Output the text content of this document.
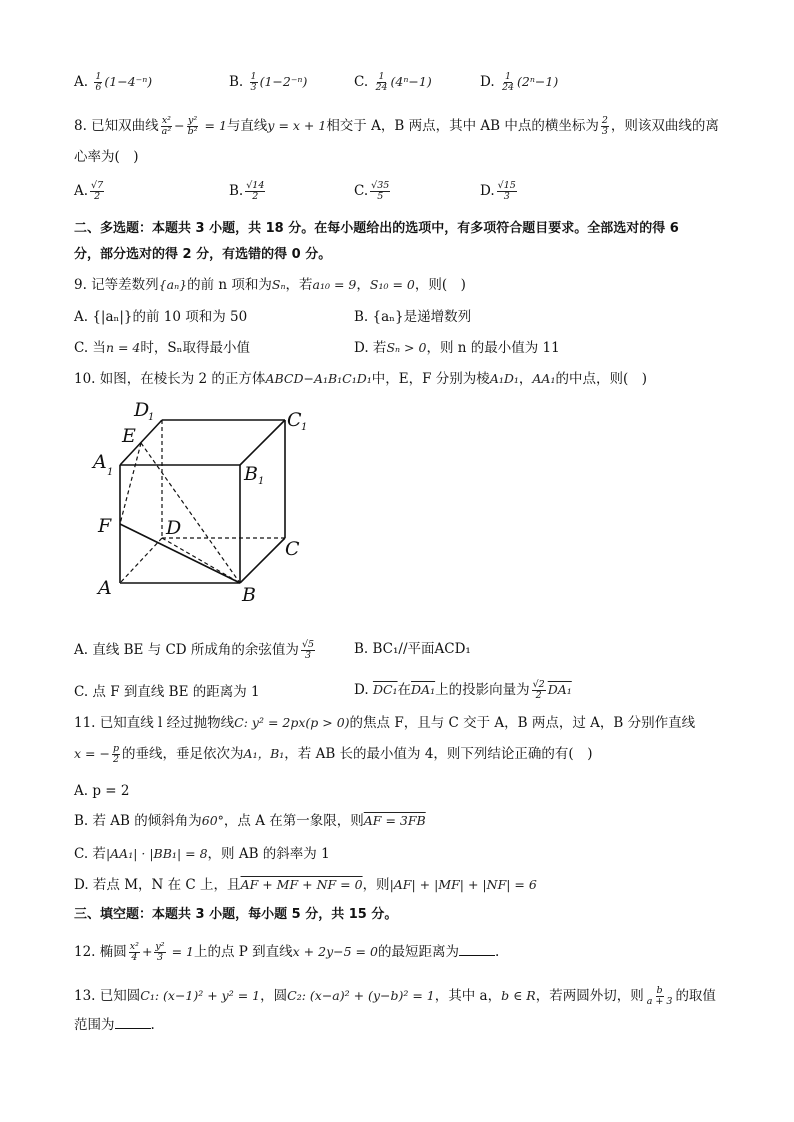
A. $\frac{1}{6} (1-4^{-n})$	B. $\frac{1}{3} (1-2^{-n})$	C. $\frac{1}{24} (4^n-1)$	D. $\frac{1}{24} (2^n-1)$
8. 已知双曲线 $\frac{\text{x²}}{\text{a²}} - \frac{\text{y²}}{\text{b²}} = 1$与直线y = x + 1相交于 A，B 两点，其中 AB 中点的横坐标为 $\frac{2}{3}$ ，则该双曲线的离
心率为(　)
A. $\frac{√7}{2}$	B. $\frac{√14}{2}$	C. $\frac{√35}{5}$	D. $\frac{√15}{3}$
二、多选题：本题共 3 小题，共 18 分。在每小题给出的选项中，有多项符合题目要求。全部选对的得 6
分，部分选对的得 2 分，有选错的得 0 分。
9. 记等差数列{aₙ}的前 n 项和为Sₙ，若a₁₀ = 9，S₁₀ = 0，则(　)
A. {|aₙ|}的前 10 项和为 50	B. {aₙ}是递增数列
C. 当n = 4时，Sₙ取得最小值	D. 若Sₙ > 0，则 n 的最小值为 11
10. 如图，在棱长为 2 的正方体ABCD−A₁B₁C₁D₁中，E，F 分别为棱A₁D₁，AA₁的中点，则(　)
D
1	C 1
E
A 1	B 1
F	D
C
A	B
A. 直线 BE 与 CD 所成角的余弦值为 $\frac{√5}{3}$	B. BC₁//平面ACD₁
C. 点 F 到直线 BE 的距离为 1	D. DC₁在DA₁上的投影向量为 $\frac{√2}{2} DA_1$
11. 已知直线 l 经过抛物线C: y² = 2px(p > 0)的焦点 F，且与 C 交于 A，B 两点，过 A，B 分别作直线
x = − $\frac{p}{2}$ 的垂线，垂足依次为A₁，B₁，若 AB 长的最小值为 4，则下列结论正确的有(　)
A. p = 2
B. 若 AB 的倾斜角为60°，点 A 在第一象限，则AF = 3FB
C. 若|AA₁| · |BB₁| = 8，则 AB 的斜率为 1
D. 若点 M，N 在 C 上，且AF + MF + NF = 0，则|AF| + |MF| + |NF| = 6
三、填空题：本题共 3 小题，每小题 5 分，共 15 分。
12. 椭圆 $\frac{\text{x²}}{4} + \frac{\text{y²}}{3} = 1$上的点 P 到直线x + 2y−5 = 0的最短距离为	.
13. 已知圆C₁: (x−1)² + y² = 1，圆C₂: (x−a)² + (y−b)² = 1，其中 a，b ∈ R，若两圆外切，则 $\frac{b}{a + 3}$ 的取值
范围为	.
